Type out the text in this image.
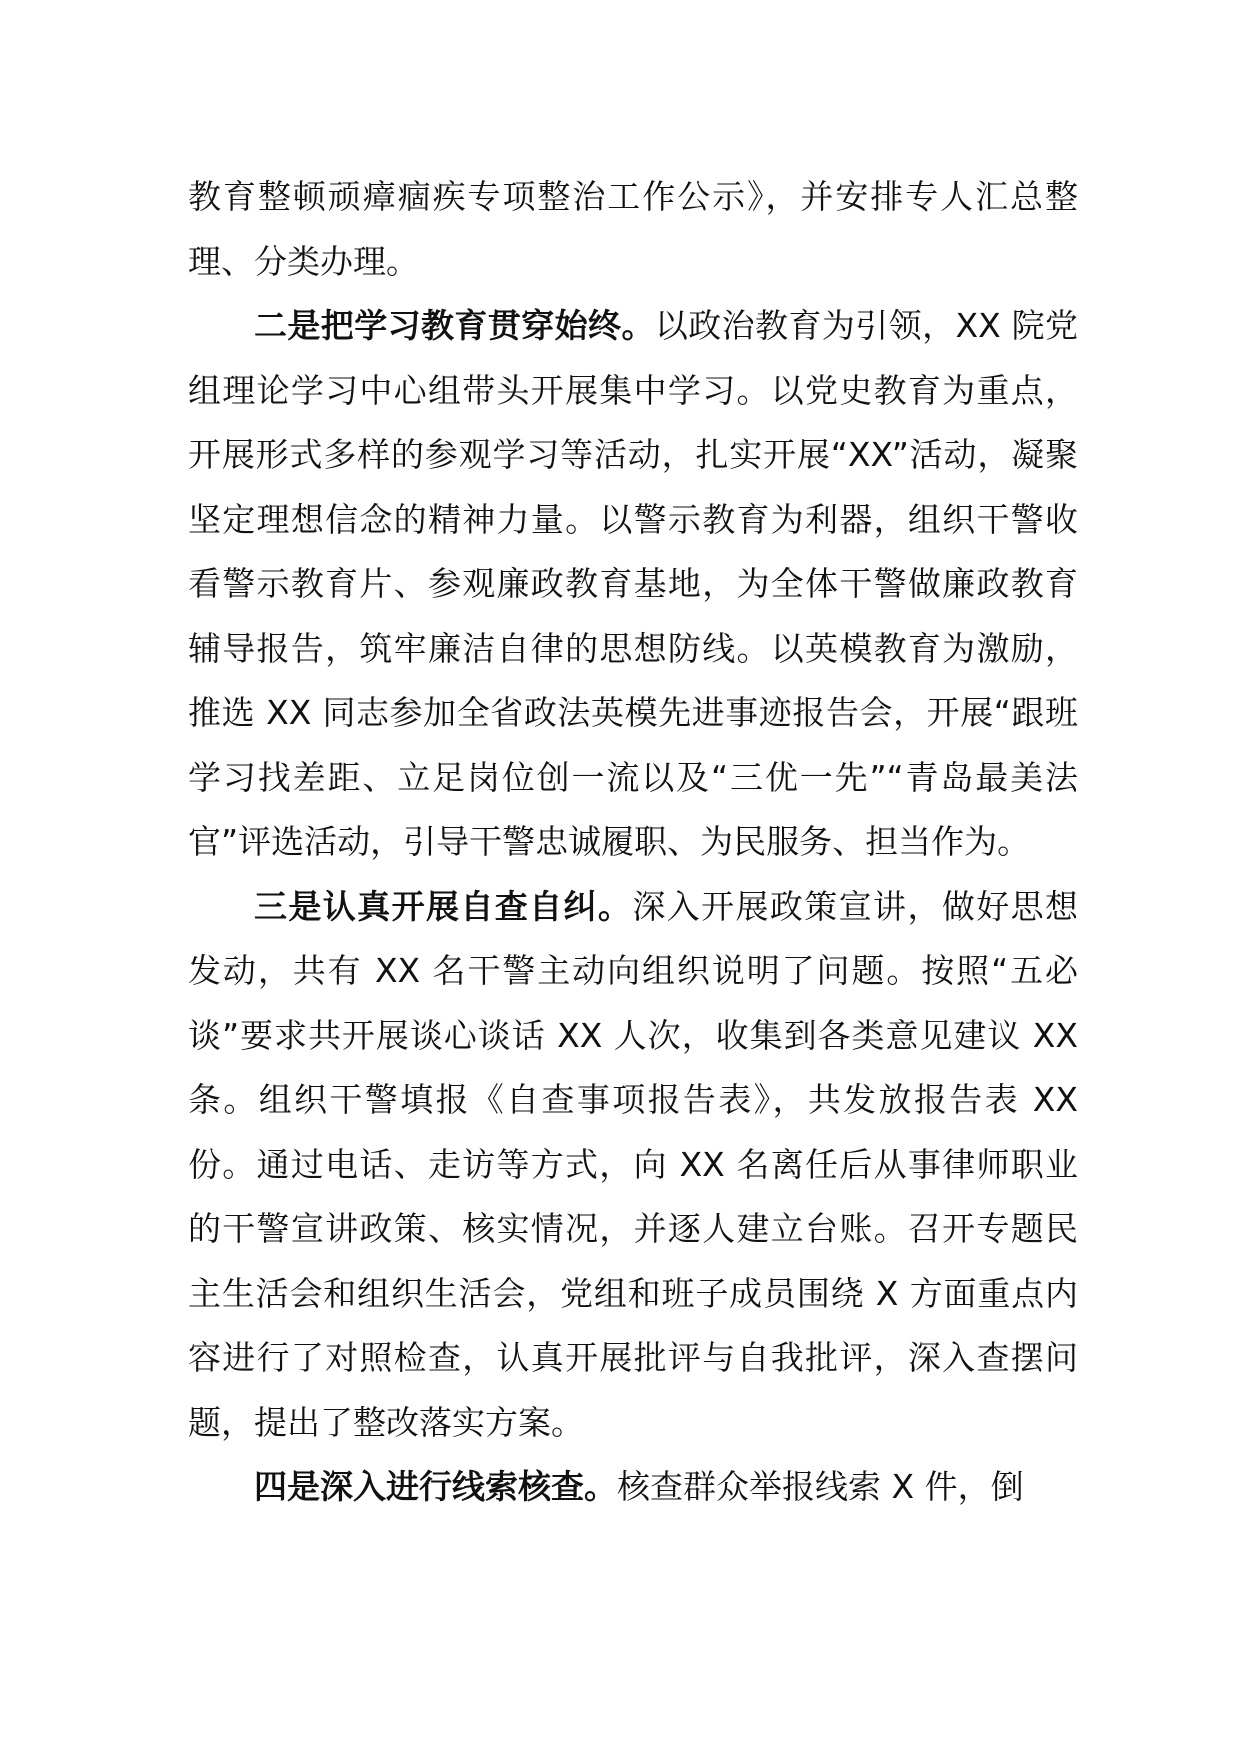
教育整顿顽瘴痼疾专项整治工作公示》，并安排专人汇总整理、分类办理。

二是把学习教育贯穿始终。以政治教育为引领，XX 院党组理论学习中心组带头开展集中学习。以党史教育为重点，开展形式多样的参观学习等活动，扎实开展“XX”活动，凝聚坚定理想信念的精神力量。以警示教育为利器，组织干警收看警示教育片、参观廉政教育基地，为全体干警做廉政教育辅导报告，筑牢廉洁自律的思想防线。以英模教育为激励，推选 XX 同志参加全省政法英模先进事迹报告会，开展“跟班学习找差距、立足岗位创一流以及“三优一先”“青岛最美法官”评选活动，引导干警忠诚履职、为民服务、担当作为。

三是认真开展自查自纠。深入开展政策宣讲，做好思想发动，共有 XX 名干警主动向组织说明了问题。按照“五必谈”要求共开展谈心谈话 XX 人次，收集到各类意见建议 XX 条。组织干警填报《自查事项报告表》，共发放报告表 XX 份。通过电话、走访等方式，向 XX 名离任后从事律师职业的干警宣讲政策、核实情况，并逐人建立台账。召开专题民主生活会和组织生活会，党组和班子成员围绕 X 方面重点内容进行了对照检查，认真开展批评与自我批评，深入查摆问题，提出了整改落实方案。

四是深入进行线索核查。核查群众举报线索 X 件，倒
